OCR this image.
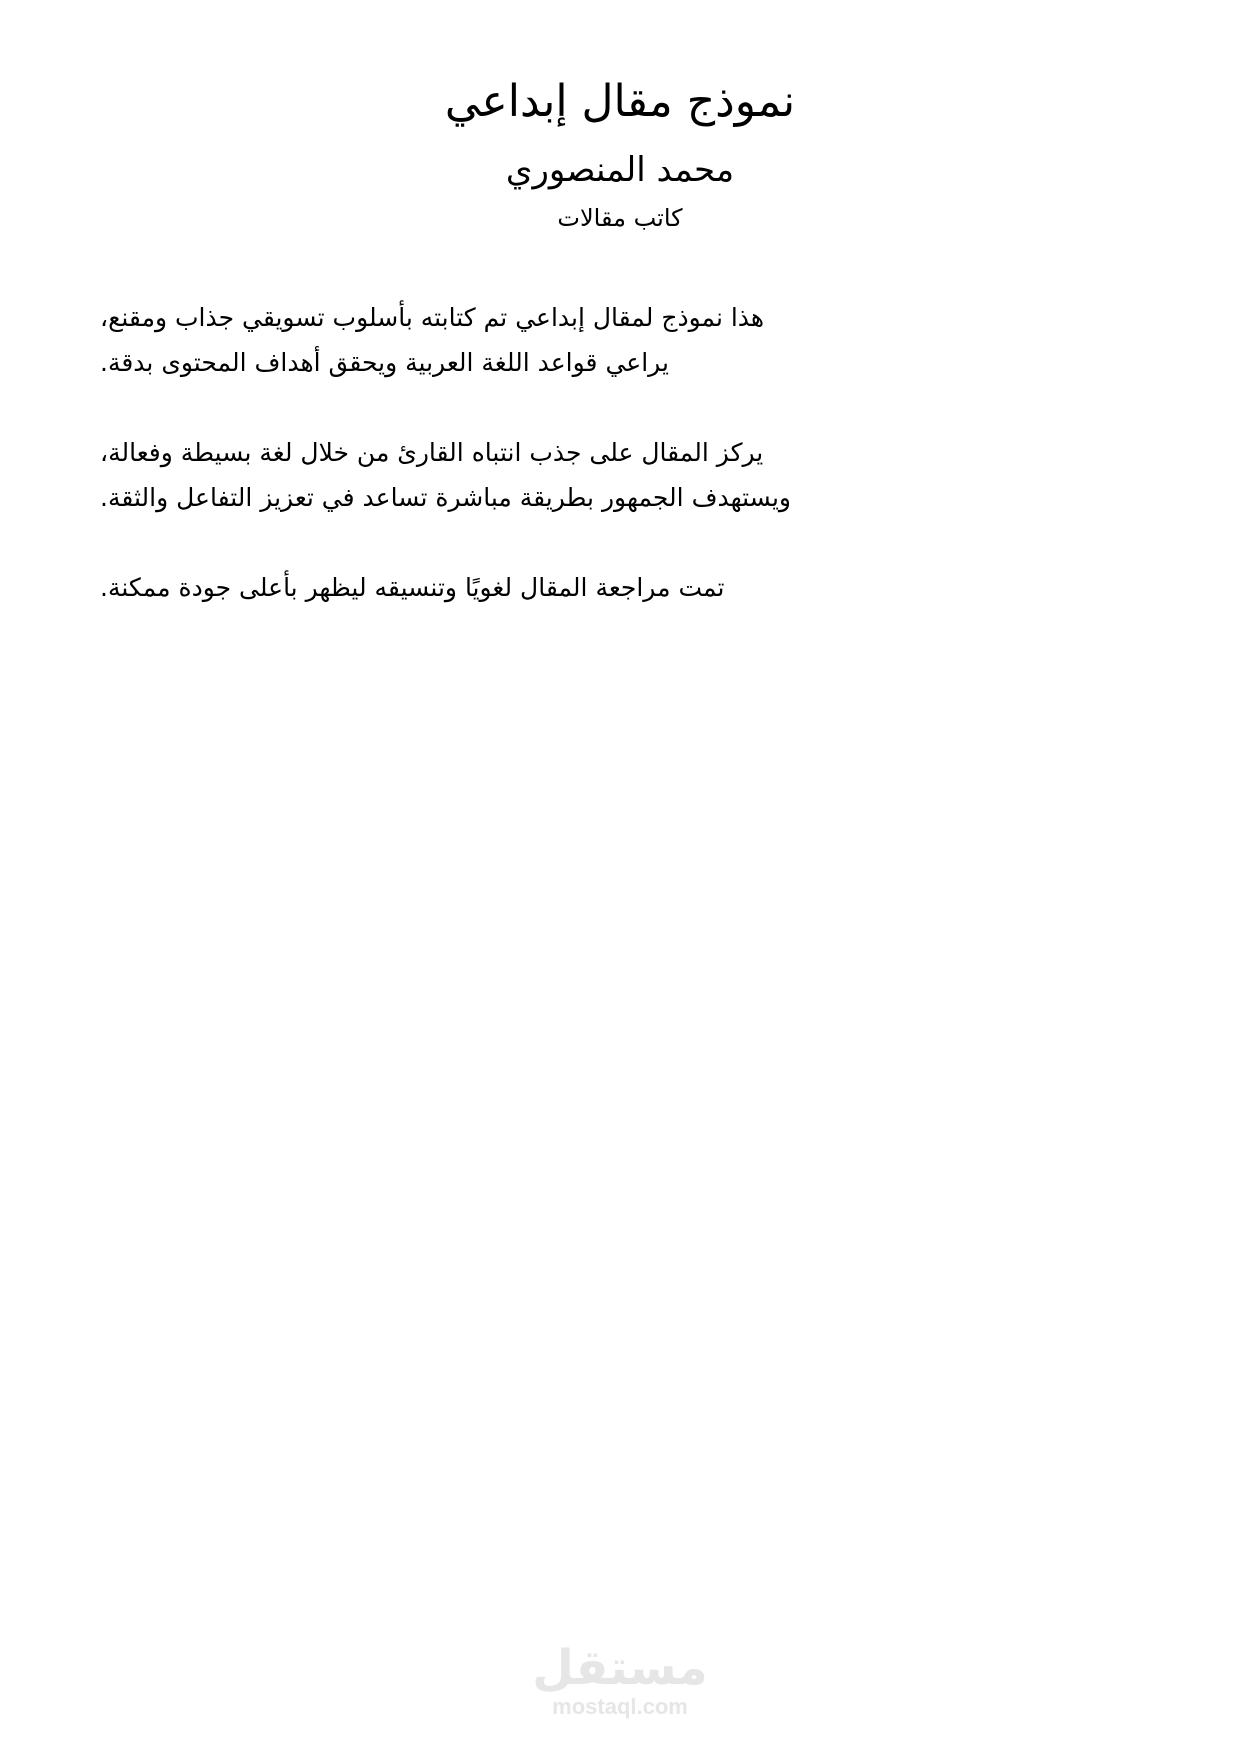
نموذج مقال إبداعي
محمد المنصوري
كاتب مقالات

هذا نموذج لمقال إبداعي تم كتابته بأسلوب تسويقي جذاب ومقنع،
يراعي قواعد اللغة العربية ويحقق أهداف المحتوى بدقة.

يركز المقال على جذب انتباه القارئ من خلال لغة بسيطة وفعالة،
ويستهدف الجمهور بطريقة مباشرة تساعد في تعزيز التفاعل والثقة.

تمت مراجعة المقال لغويًا وتنسيقه ليظهر بأعلى جودة ممكنة.

مستقل
mostaql.com
